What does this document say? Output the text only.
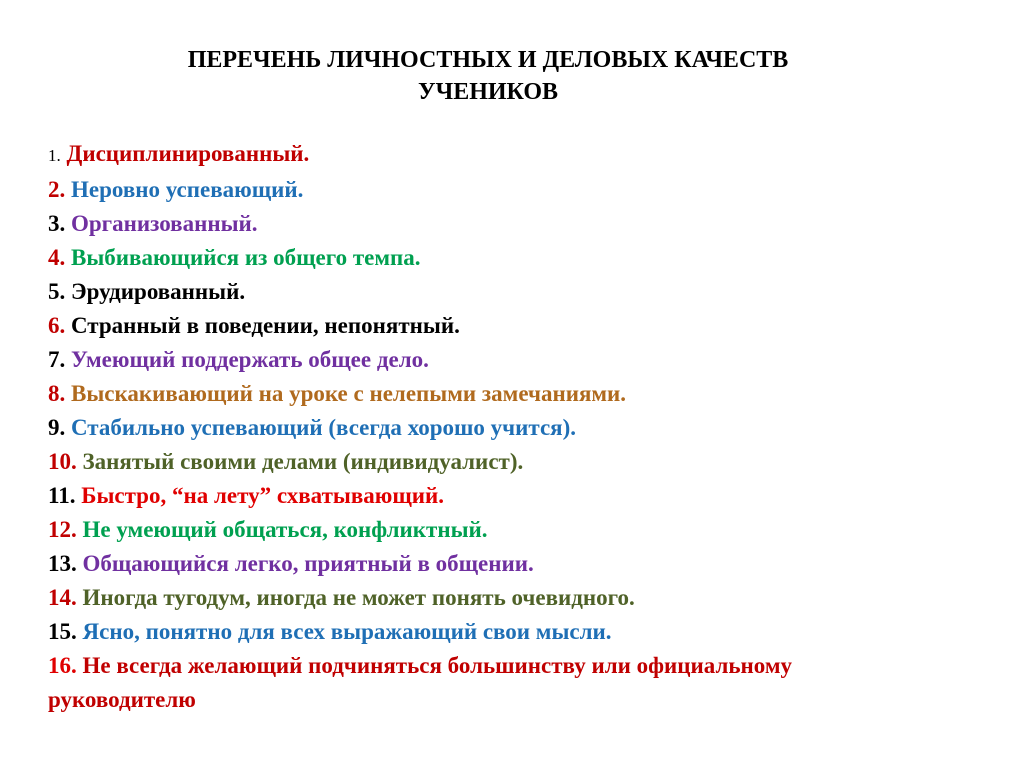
ПЕРЕЧЕНЬ ЛИЧНОСТНЫХ И ДЕЛОВЫХ КАЧЕСТВ
УЧЕНИКОВ
1. Дисциплинированный.
2. Неровно успевающий.
3. Организованный.
4. Выбивающийся из общего темпа.
5. Эрудированный.
6. Странный в поведении, непонятный.
7. Умеющий поддержать общее дело.
8. Выскакивающий на уроке с нелепыми замечаниями.
9. Стабильно успевающий (всегда хорошо учится).
10. Занятый своими делами (индивидуалист).
11. Быстро, “на лету” схватывающий.
12. Не умеющий общаться, конфликтный.
13. Общающийся легко, приятный в общении.
14. Иногда тугодум, иногда не может понять очевидного.
15. Ясно, понятно для всех выражающий свои мысли.
16. Не всегда желающий подчиняться большинству или официальному руководителю
